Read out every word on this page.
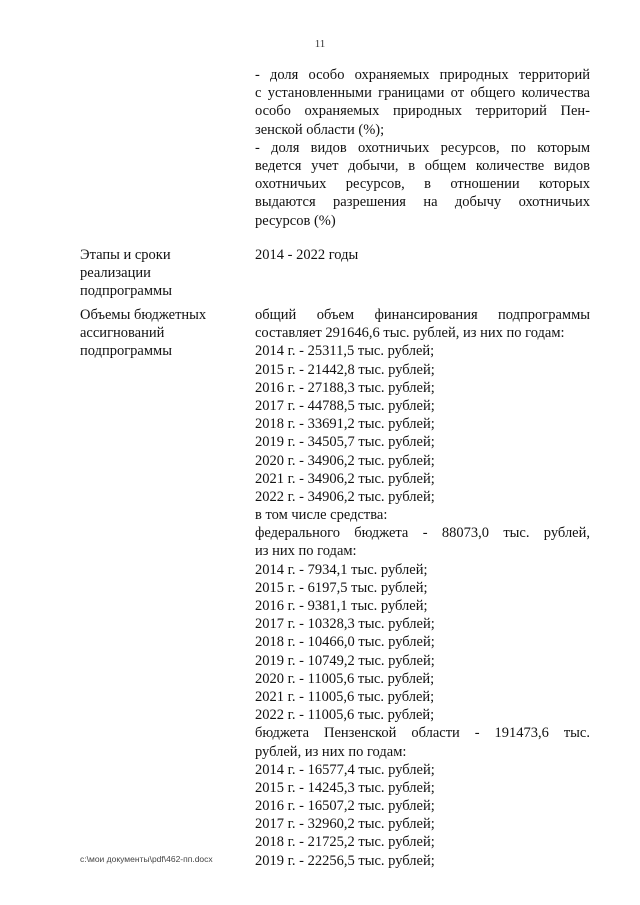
11
- доля особо охраняемых природных территорий
с установленными границами от общего количества
особо охраняемых природных территорий Пен-
зенской области (%);
- доля видов охотничьих ресурсов, по которым
ведется учет добычи, в общем количестве видов
охотничьих ресурсов, в отношении которых
выдаются разрешения на добычу охотничьих
ресурсов (%)
Этапы и сроки
реализации
подпрограммы
2014 - 2022 годы
Объемы бюджетных
ассигнований
подпрограммы
общий объем финансирования подпрограммы
составляет 291646,6 тыс. рублей, из них по годам:
2014 г. - 25311,5 тыс. рублей;
2015 г. - 21442,8 тыс. рублей;
2016 г. - 27188,3 тыс. рублей;
2017 г. - 44788,5 тыс. рублей;
2018 г. - 33691,2 тыс. рублей;
2019 г. - 34505,7 тыс. рублей;
2020 г. - 34906,2 тыс. рублей;
2021 г. - 34906,2 тыс. рублей;
2022 г. - 34906,2 тыс. рублей;
в том числе средства:
федерального бюджета - 88073,0 тыс. рублей,
из них по годам:
2014 г. - 7934,1 тыс. рублей;
2015 г. - 6197,5 тыс. рублей;
2016 г. - 9381,1 тыс. рублей;
2017 г. - 10328,3 тыс. рублей;
2018 г. - 10466,0 тыс. рублей;
2019 г. - 10749,2 тыс. рублей;
2020 г. - 11005,6 тыс. рублей;
2021 г. - 11005,6 тыс. рублей;
2022 г. - 11005,6 тыс. рублей;
бюджета Пензенской области - 191473,6 тыс.
рублей, из них по годам:
2014 г. - 16577,4 тыс. рублей;
2015 г. - 14245,3 тыс. рублей;
2016 г. - 16507,2 тыс. рублей;
2017 г. - 32960,2 тыс. рублей;
2018 г. - 21725,2 тыс. рублей;
2019 г. - 22256,5 тыс. рублей;
c:\мои документы\pdf\462-пп.docx
